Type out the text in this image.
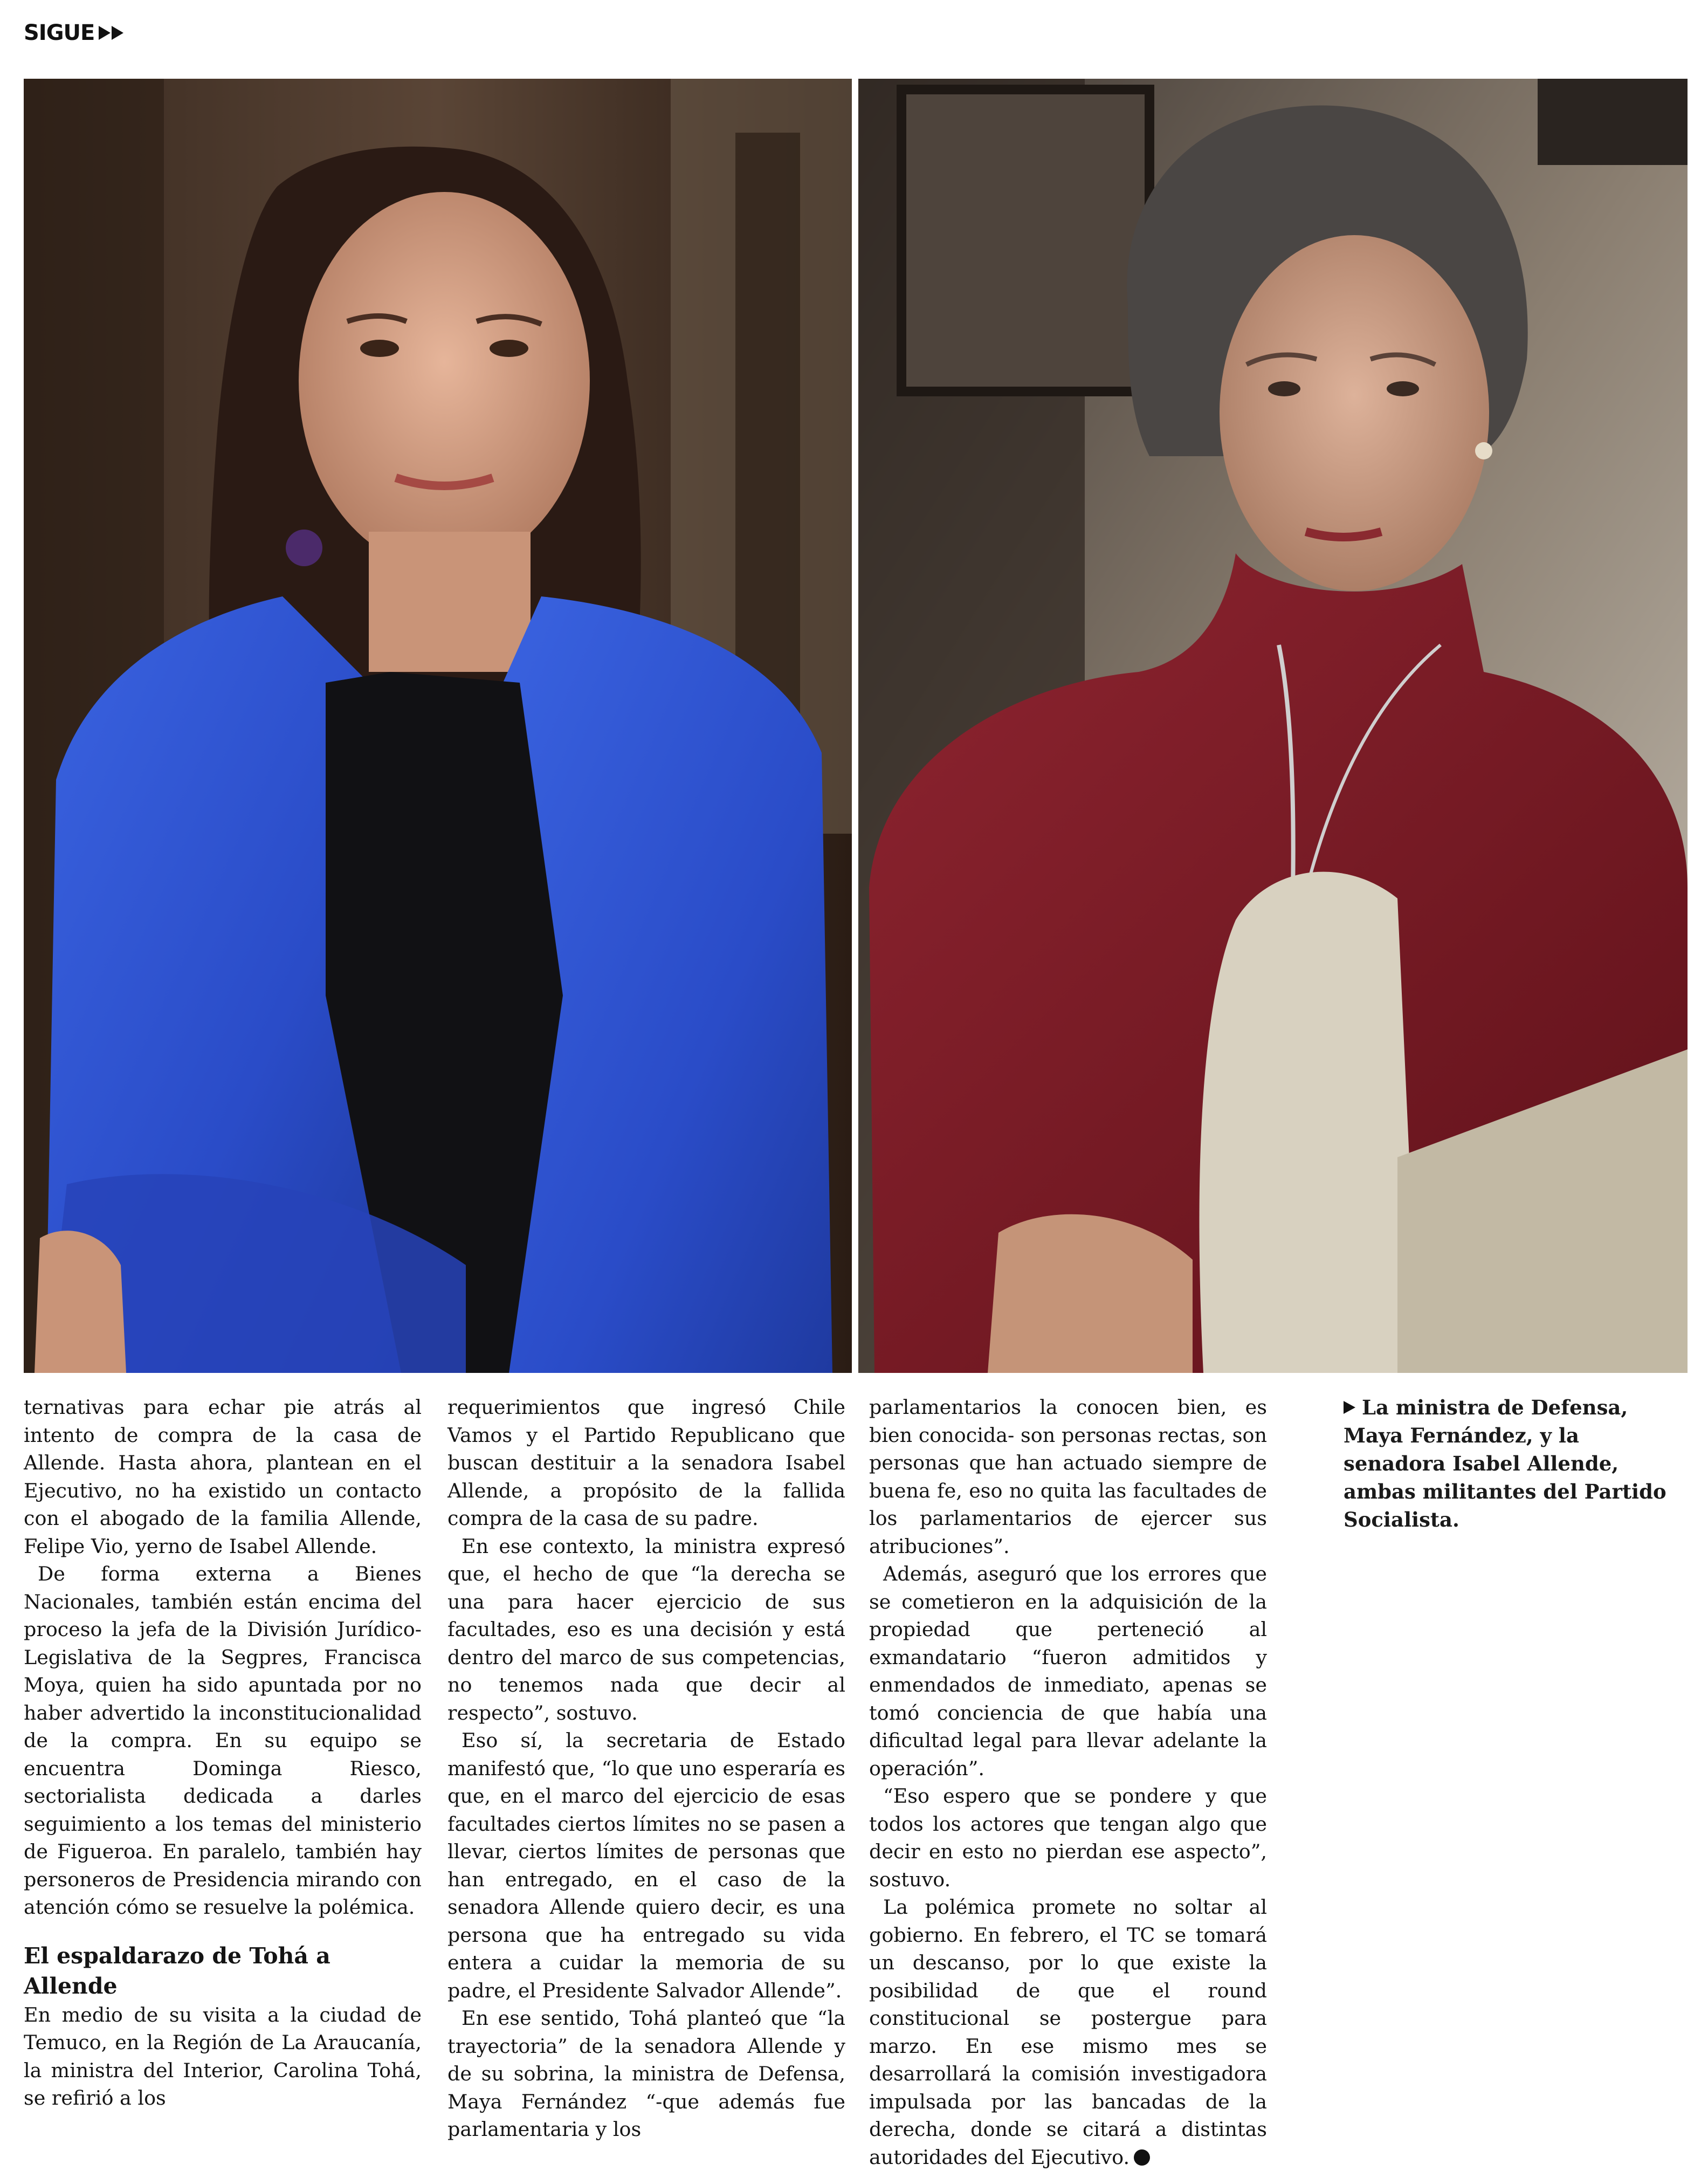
SIGUE

ternativas para echar pie atrás al intento de compra de la casa de Allende. Hasta ahora, plantean en el Ejecutivo, no ha existido un contacto con el abogado de la familia Allende, Felipe Vio, yerno de Isabel Allende.

De forma externa a Bienes Nacionales, también están encima del proceso la jefa de la División Jurídico-Legislativa de la Segpres, Francisca Moya, quien ha sido apuntada por no haber advertido la inconstitucionalidad de la compra. En su equipo se encuentra Dominga Riesco, sectorialista dedicada a darles seguimiento a los temas del ministerio de Figueroa. En paralelo, también hay personeros de Presidencia mirando con atención cómo se resuelve la polémica.

El espaldarazo de Tohá a Allende

En medio de su visita a la ciudad de Temuco, en la Región de La Araucanía, la ministra del Interior, Carolina Tohá, se refirió a los

requerimientos que ingresó Chile Vamos y el Partido Republicano que buscan destituir a la senadora Isabel Allende, a propósito de la fallida compra de la casa de su padre.

En ese contexto, la ministra expresó que, el hecho de que “la derecha se una para hacer ejercicio de sus facultades, eso es una decisión y está dentro del marco de sus competencias, no tenemos nada que decir al respecto”, sostuvo.

Eso sí, la secretaria de Estado manifestó que, “lo que uno esperaría es que, en el marco del ejercicio de esas facultades ciertos límites no se pasen a llevar, ciertos límites de personas que han entregado, en el caso de la senadora Allende quiero decir, es una persona que ha entregado su vida entera a cuidar la memoria de su padre, el Presidente Salvador Allende”.

En ese sentido, Tohá planteó que “la trayectoria” de la senadora Allende y de su sobrina, la ministra de Defensa, Maya Fernández “-que además fue parlamentaria y los

parlamentarios la conocen bien, es bien conocida- son personas rectas, son personas que han actuado siempre de buena fe, eso no quita las facultades de los parlamentarios de ejercer sus atribuciones”.

Además, aseguró que los errores que se cometieron en la adquisición de la propiedad que perteneció al exmandatario “fueron admitidos y enmendados de inmediato, apenas se tomó conciencia de que había una dificultad legal para llevar adelante la operación”.

“Eso espero que se pondere y que todos los actores que tengan algo que decir en esto no pierdan ese aspecto”, sostuvo.

La polémica promete no soltar al gobierno. En febrero, el TC se tomará un descanso, por lo que existe la posibilidad de que el round constitucional se postergue para marzo. En ese mismo mes se desarrollará la comisión investigadora impulsada por las bancadas de la derecha, donde se citará a distintas autoridades del Ejecutivo.

La ministra de Defensa, Maya Fernández, y la senadora Isabel Allende, ambas militantes del Partido Socialista.
